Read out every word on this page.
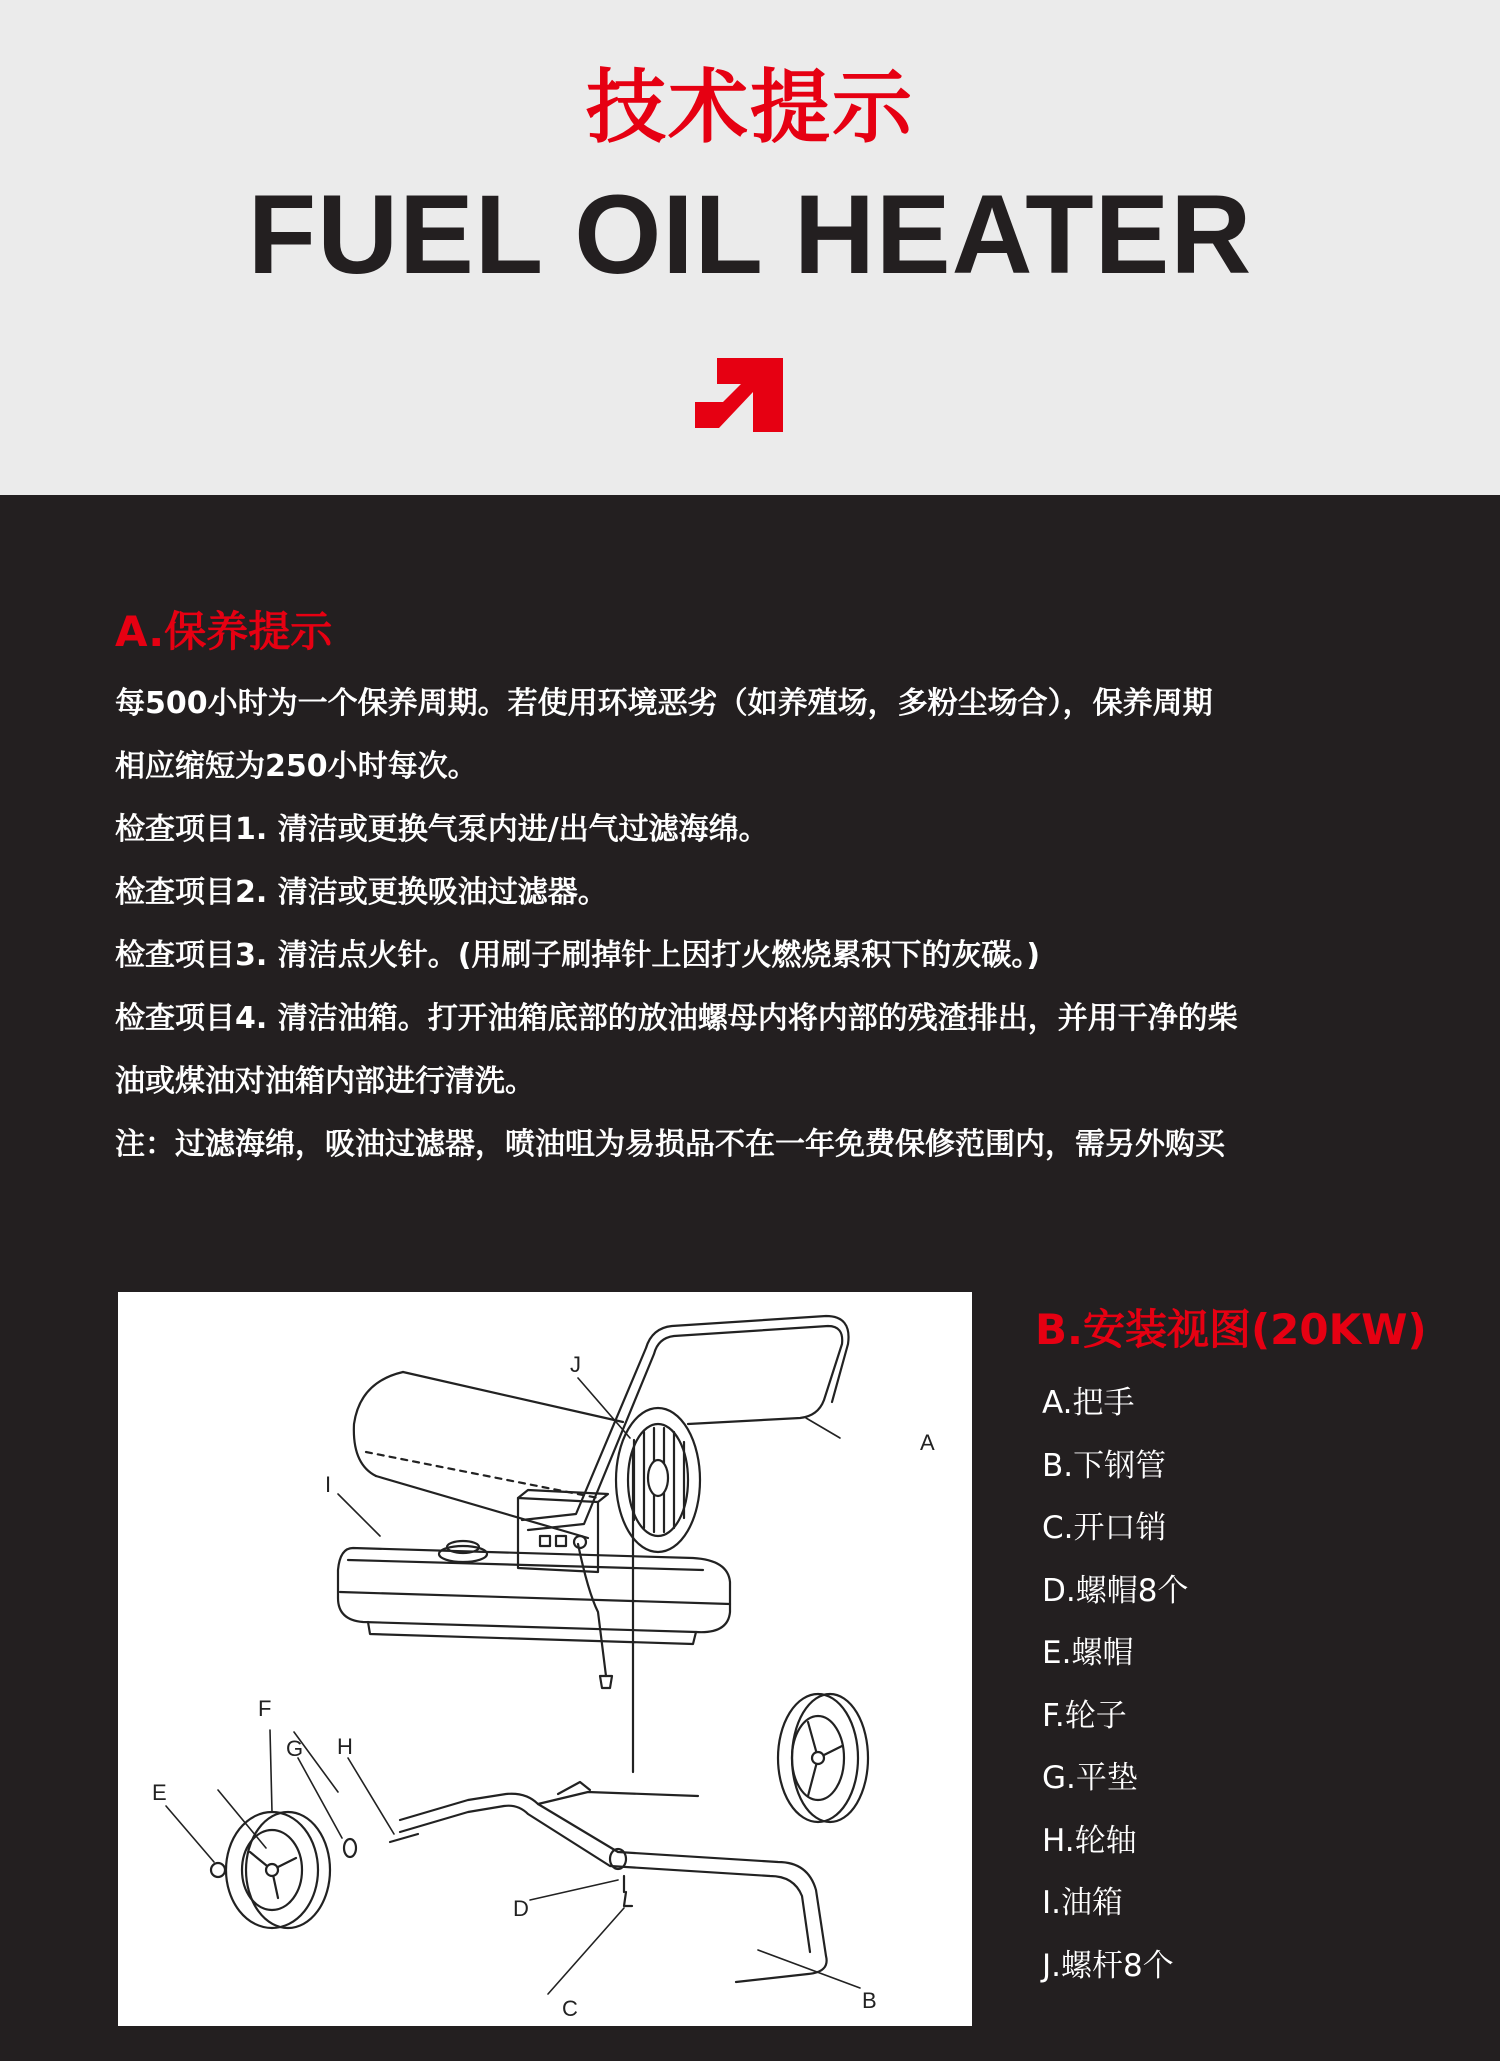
技术提示
FUEL OIL HEATER
A.保养提示
每500小时为一个保养周期。若使用环境恶劣（如养殖场，多粉尘场合），保养周期
相应缩短为250小时每次。
检查项目1. 清洁或更换气泵内进/出气过滤海绵。
检查项目2. 清洁或更换吸油过滤器。
检查项目3. 清洁点火针。(用刷子刷掉针上因打火燃烧累积下的灰碳。)
检查项目4. 清洁油箱。打开油箱底部的放油螺母内将内部的残渣排出，并用干净的柴
油或煤油对油箱内部进行清洗。
注：过滤海绵，吸油过滤器，喷油咀为易损品不在一年免费保修范围内，需另外购买
J
I
A
B
F
G H
E
D
C
B.安装视图(20KW)
A.把手
B.下钢管
C.开口销
D.螺帽8个
E.螺帽
F.轮子
G.平垫
H.轮轴
I.油箱
J.螺杆8个
